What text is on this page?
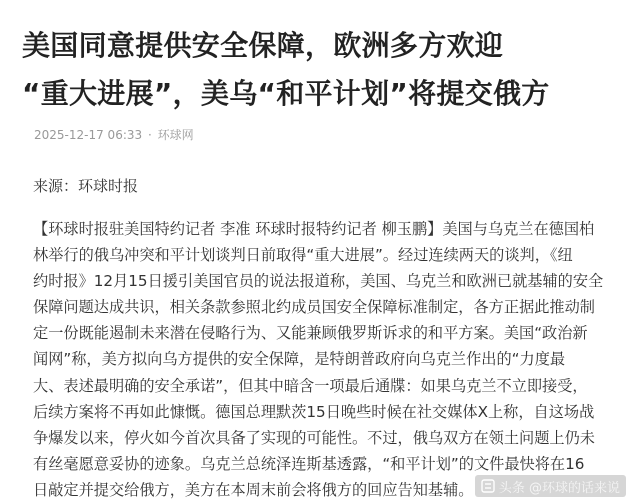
美国同意提供安全保障，欧洲多方欢迎
“重大进展”，美乌“和平计划”将提交俄方
2025-12-17 06:33 · 环球网
来源：环球时报
【环球时报驻美国特约记者 李准 环球时报特约记者 柳玉鹏】美国与乌克兰在德国柏
林举行的俄乌冲突和平计划谈判日前取得“重大进展”。经过连续两天的谈判，《纽
约时报》12月15日援引美国官员的说法报道称，美国、乌克兰和欧洲已就基辅的安全
保障问题达成共识，相关条款参照北约成员国安全保障标准制定，各方正据此推动制
定一份既能遏制未来潜在侵略行为、又能兼顾俄罗斯诉求的和平方案。美国“政治新
闻网”称，美方拟向乌方提供的安全保障，是特朗普政府向乌克兰作出的“力度最
大、表述最明确的安全承诺”，但其中暗含一项最后通牒：如果乌克兰不立即接受，
后续方案将不再如此慷慨。德国总理默茨15日晚些时候在社交媒体X上称，自这场战
争爆发以来，停火如今首次具备了实现的可能性。不过，俄乌双方在领土问题上仍未
有丝毫愿意妥协的迹象。乌克兰总统泽连斯基透露，“和平计划”的文件最快将在16
日敲定并提交给俄方，美方在本周末前会将俄方的回应告知基辅。	头条 @环球的话来说
